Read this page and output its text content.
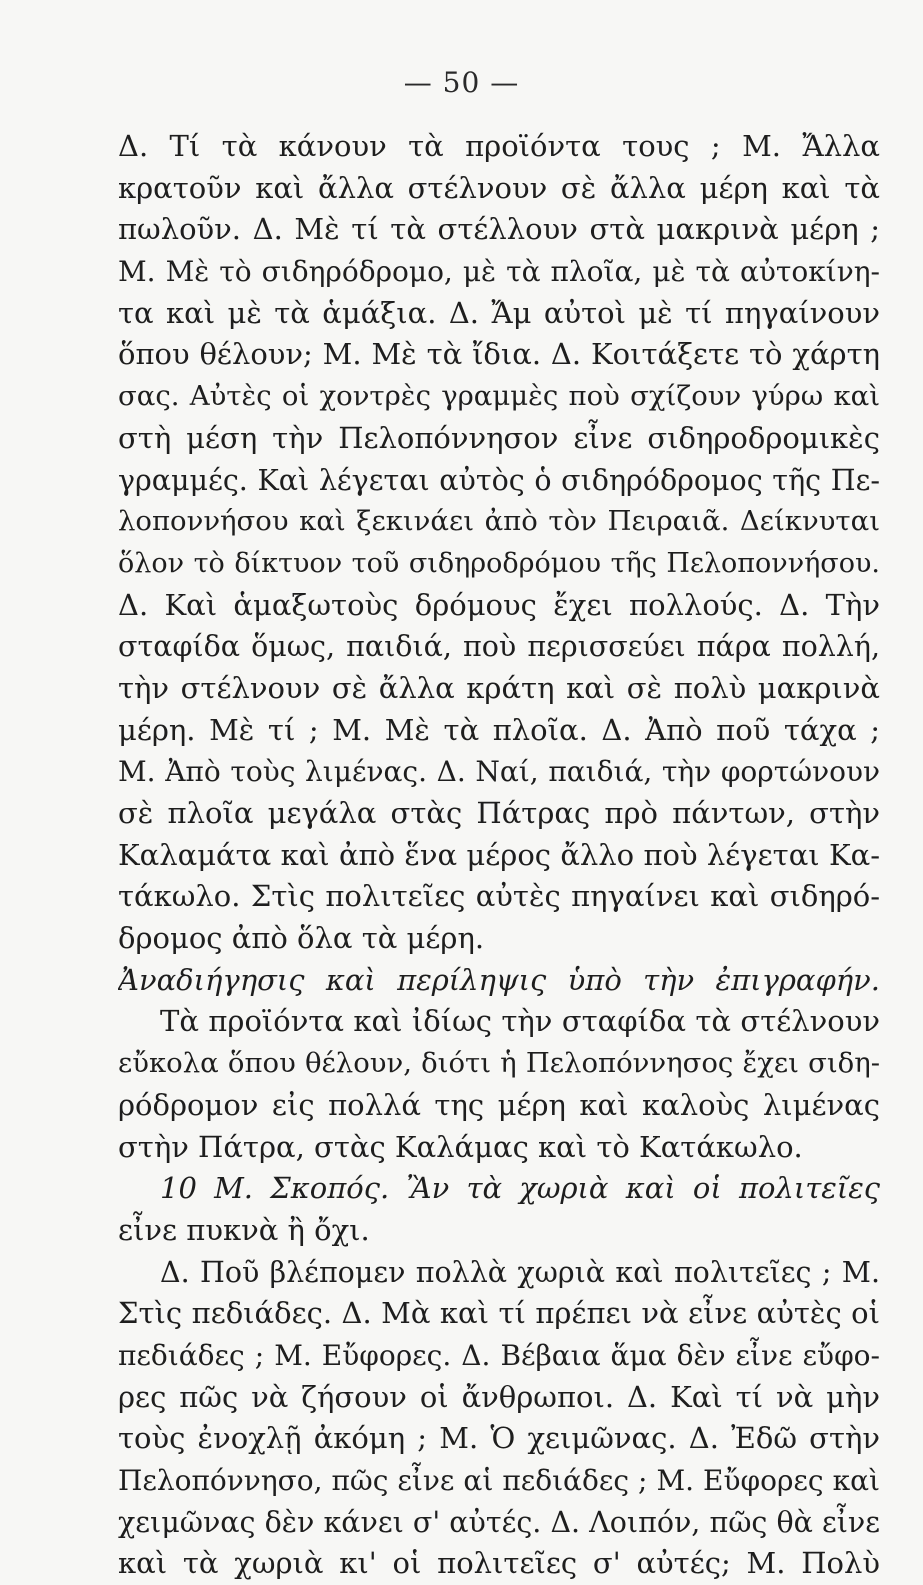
— 50 —
Δ. Τί τὰ κάνουν τὰ προϊόντα τους ; Μ. Ἄλλα
κρατοῦν καὶ ἄλλα στέλνουν σὲ ἄλλα μέρη καὶ τὰ
πωλοῦν. Δ. Μὲ τί τὰ στέλλουν στὰ μακρινὰ μέρη ;
Μ. Μὲ τὸ σιδηρόδρομο, μὲ τὰ πλοῖα, μὲ τὰ αὐτοκίνη-
τα καὶ μὲ τὰ ἁμάξια. Δ. Ἄμ αὐτοὶ μὲ τί πηγαίνουν
ὅπου θέλουν; Μ. Μὲ τὰ ἴδια. Δ. Κοιτάξετε τὸ χάρτη
σας. Αὐτὲς οἱ χοντρὲς γραμμὲς ποὺ σχίζουν γύρω καὶ
στὴ μέση τὴν Πελοπόννησον εἶνε σιδηροδρομικὲς
γραμμές. Καὶ λέγεται αὐτὸς ὁ σιδηρόδρομος τῆς Πε-
λοποννήσου καὶ ξεκινάει ἀπὸ τὸν Πειραιᾶ. Δείκνυται
ὅλον τὸ δίκτυον τοῦ σιδηροδρόμου τῆς Πελοποννήσου.
Δ. Καὶ ἁμαξωτοὺς δρόμους ἔχει πολλούς. Δ. Τὴν
σταφίδα ὅμως, παιδιά, ποὺ περισσεύει πάρα πολλή,
τὴν στέλνουν σὲ ἄλλα κράτη καὶ σὲ πολὺ μακρινὰ
μέρη. Μὲ τί ; Μ. Μὲ τὰ πλοῖα. Δ. Ἀπὸ ποῦ τάχα ;
Μ. Ἀπὸ τοὺς λιμένας. Δ. Ναί, παιδιά, τὴν φορτώνουν
σὲ πλοῖα μεγάλα στὰς Πάτρας πρὸ πάντων, στὴν
Καλαμάτα καὶ ἀπὸ ἕνα μέρος ἄλλο ποὺ λέγεται Κα-
τάκωλο. Στὶς πολιτεῖες αὐτὲς πηγαίνει καὶ σιδηρό-
δρομος ἀπὸ ὅλα τὰ μέρη.
Ἀναδιήγησις καὶ περίληψις ὑπὸ τὴν ἐπιγραφήν.
Τὰ προϊόντα καὶ ἰδίως τὴν σταφίδα τὰ στέλνουν
εὔκολα ὅπου θέλουν, διότι ἡ Πελοπόννησος ἔχει σιδη-
ρόδρομον εἰς πολλά της μέρη καὶ καλοὺς λιμένας
στὴν Πάτρα, στὰς Καλάμας καὶ τὸ Κατάκωλο.
10 Μ. Σκοπός. Ἂν τὰ χωριὰ καὶ οἱ πολιτεῖες
εἶνε πυκνὰ ἢ ὄχι.
Δ. Ποῦ βλέπομεν πολλὰ χωριὰ καὶ πολιτεῖες ; Μ.
Στὶς πεδιάδες. Δ. Μὰ καὶ τί πρέπει νὰ εἶνε αὐτὲς οἱ
πεδιάδες ; Μ. Εὔφορες. Δ. Βέβαια ἅμα δὲν εἶνε εὔφο-
ρες πῶς νὰ ζήσουν οἱ ἄνθρωποι. Δ. Καὶ τί νὰ μὴν
τοὺς ἐνοχλῇ ἀκόμη ; Μ. Ὁ χειμῶνας. Δ. Ἐδῶ στὴν
Πελοπόννησο, πῶς εἶνε αἱ πεδιάδες ; Μ. Εὔφορες καὶ
χειμῶνας δὲν κάνει σ' αὐτές. Δ. Λοιπόν, πῶς θὰ εἶνε
καὶ τὰ χωριὰ κι' οἱ πολιτεῖες σ' αὐτές; Μ. Πολὺ
